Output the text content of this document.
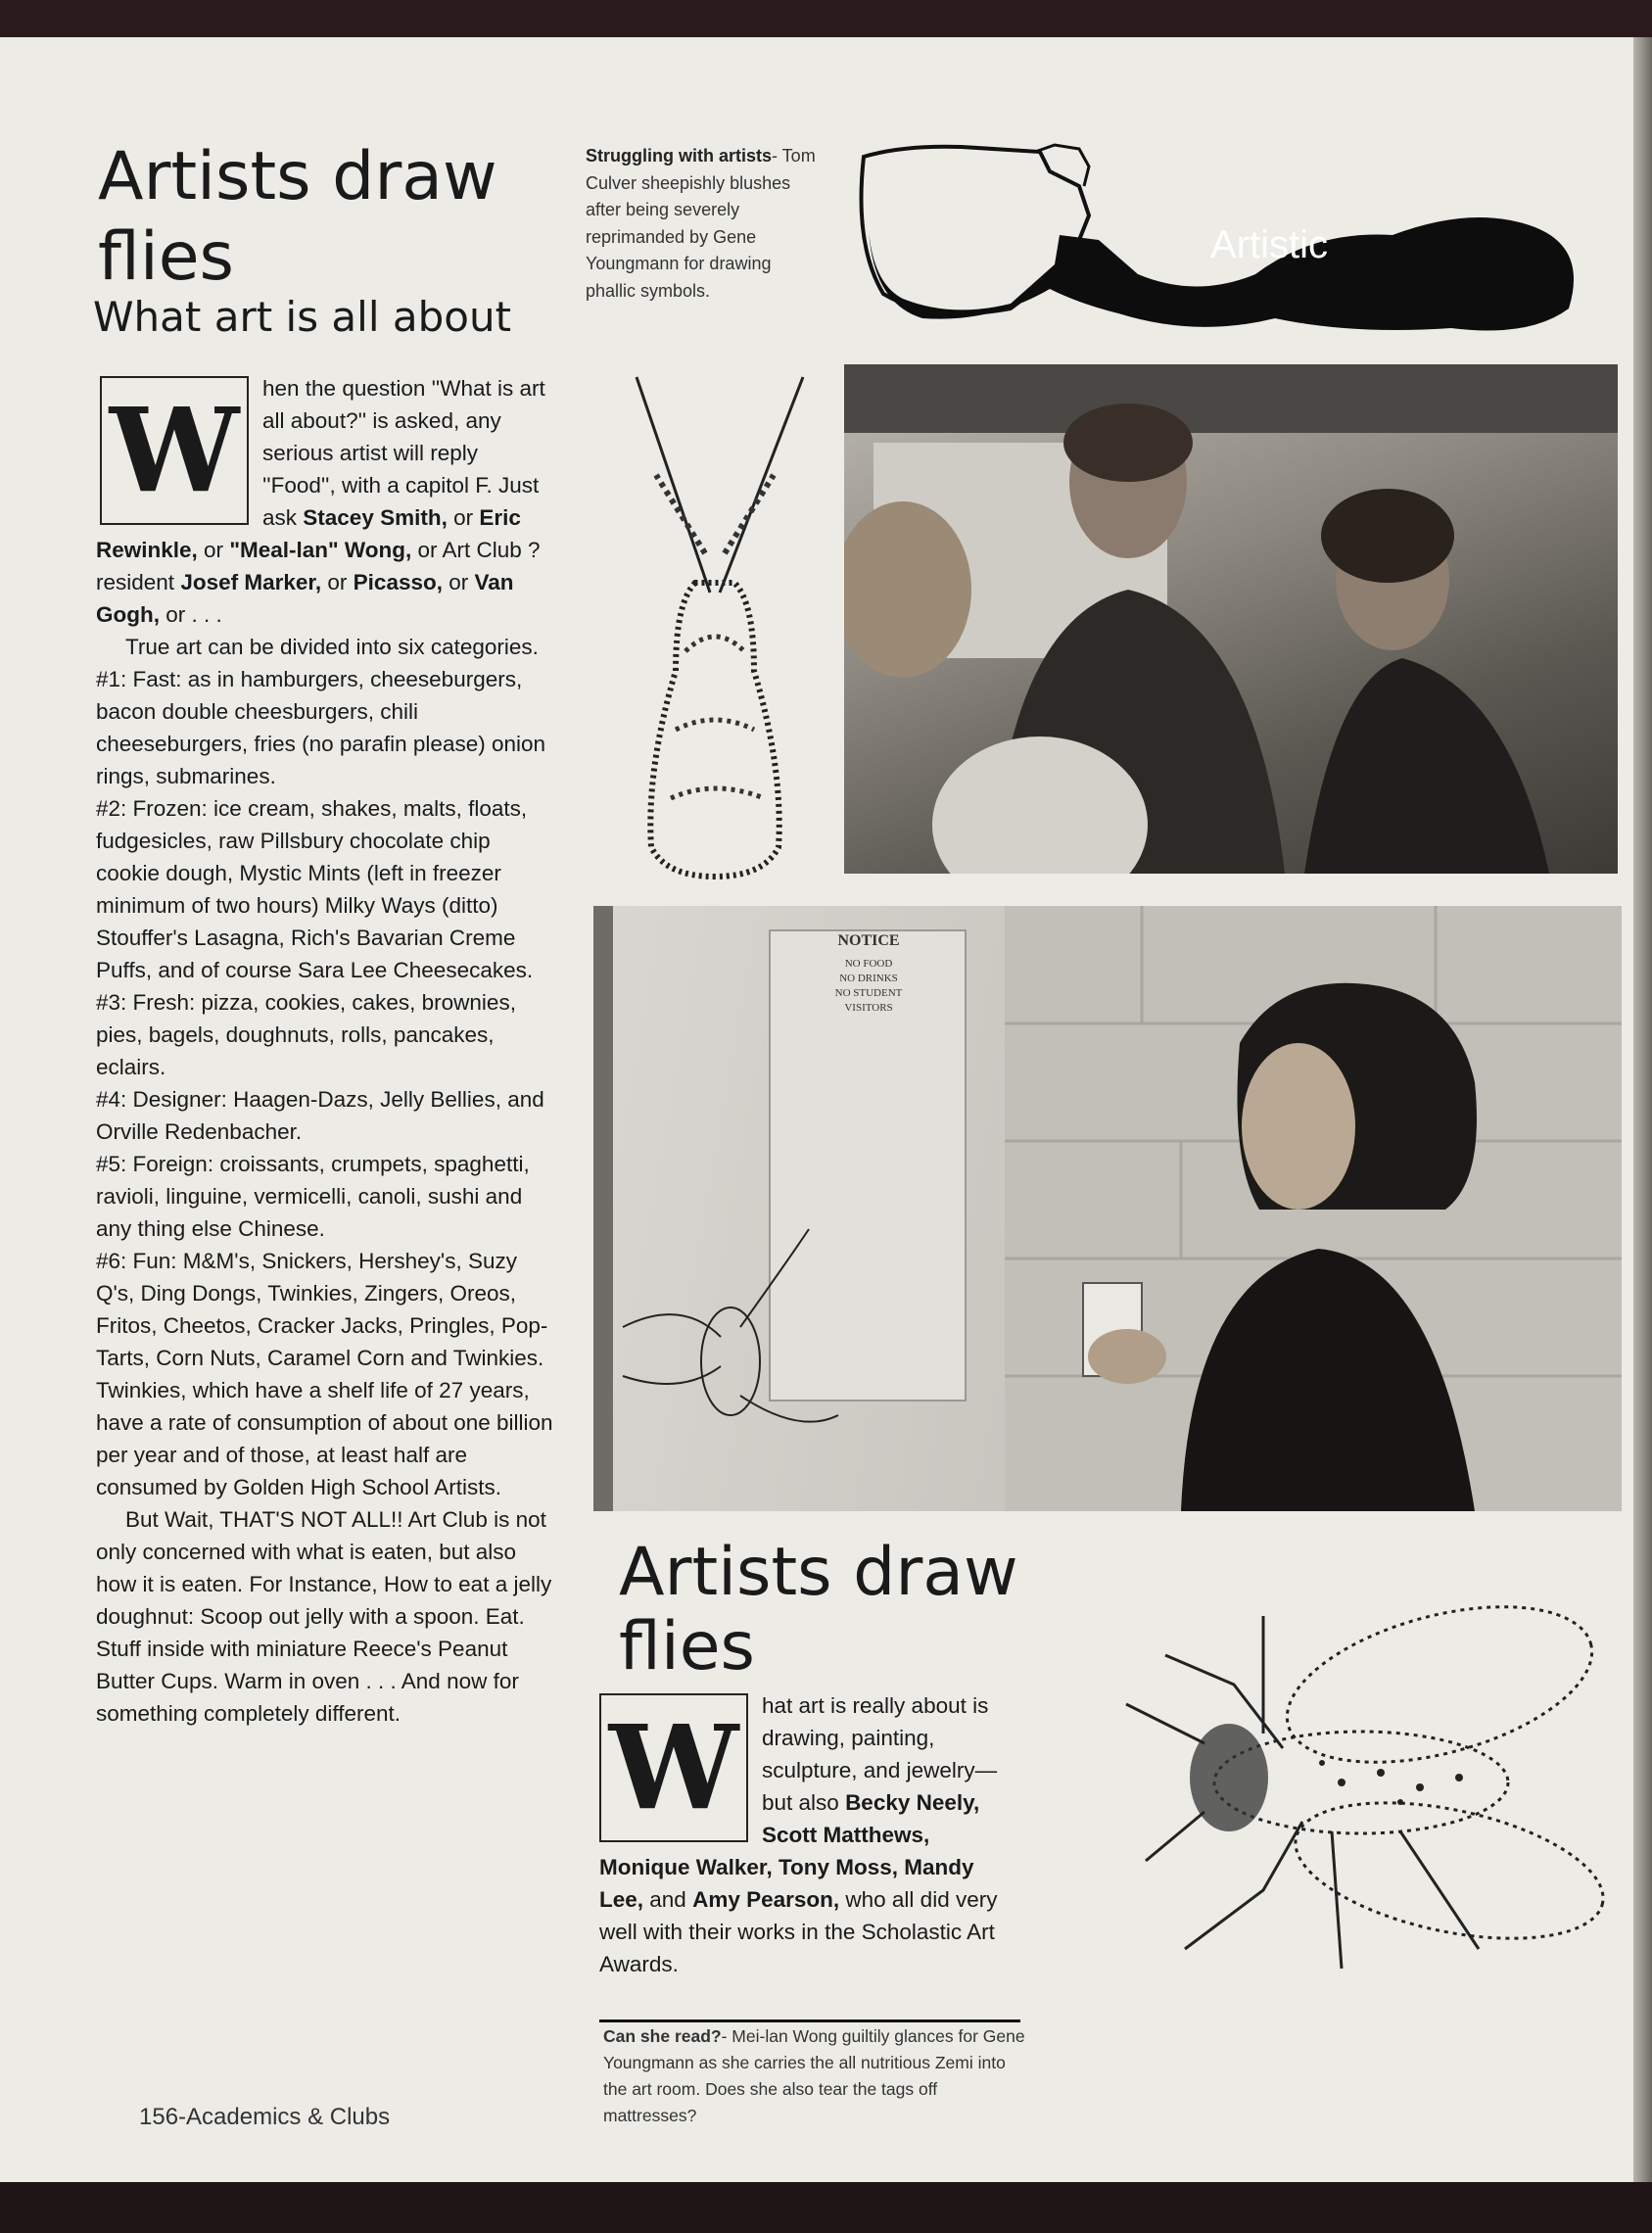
Artists draw flies
What art is all about
W	hen the question ''What is art all about?'' is asked, any serious artist will reply ''Food'', with a capitol F. Just ask Stacey Smith, or Eric Rewinkle, or "Meal-lan" Wong, or Art Club ?resident Josef Marker, or Picasso, or Van Gogh, or . . .

True art can be divided into six categories.

#1: Fast: as in hamburgers, cheeseburgers, bacon double cheesburgers, chili cheeseburgers, fries (no parafin please) onion rings, submarines.

#2: Frozen: ice cream, shakes, malts, floats, fudgesicles, raw Pillsbury chocolate chip cookie dough, Mystic Mints (left in freezer minimum of two hours) Milky Ways (ditto) Stouffer's Lasagna, Rich's Bavarian Creme Puffs, and of course Sara Lee Cheesecakes.

#3: Fresh: pizza, cookies, cakes, brownies, pies, bagels, doughnuts, rolls, pancakes, eclairs.

#4: Designer: Haagen-Dazs, Jelly Bellies, and Orville Redenbacher.

#5: Foreign: croissants, crumpets, spaghetti, ravioli, linguine, vermicelli, canoli, sushi and any thing else Chinese.

#6: Fun: M&M's, Snickers, Hershey's, Suzy Q's, Ding Dongs, Twinkies, Zingers, Oreos, Fritos, Cheetos, Cracker Jacks, Pringles, Pop-Tarts, Corn Nuts, Caramel Corn and Twinkies. Twinkies, which have a shelf life of 27 years, have a rate of consumption of about one billion per year and of those, at least half are consumed by Golden High School Artists.

But Wait, THAT'S NOT ALL!! Art Club is not only concerned with what is eaten, but also how it is eaten. For Instance, How to eat a jelly doughnut: Scoop out jelly with a spoon. Eat. Stuff inside with miniature Reece's Peanut Butter Cups. Warm in oven . . . And now for something completely different.

Struggling with artists- Tom Culver sheepishly blushes after being severely reprimanded by Gene Youngmann for drawing phallic symbols.
Artistic
NOTICE
NO FOOD
NO DRINKS
NO STUDENT
VISITORS
Artists draw flies
W	hat art is really about is drawing, painting, sculpture, and jewelry—but also Becky Neely, Scott Matthews, Monique Walker, Tony Moss, Mandy Lee, and Amy Pearson, who all did very well with their works in the Scholastic Art Awards.

Can she read?- Mei-lan Wong guiltily glances for Gene Youngmann as she carries the all nutritious Zemi into the art room. Does she also tear the tags off mattresses?
156-Academics & Clubs
